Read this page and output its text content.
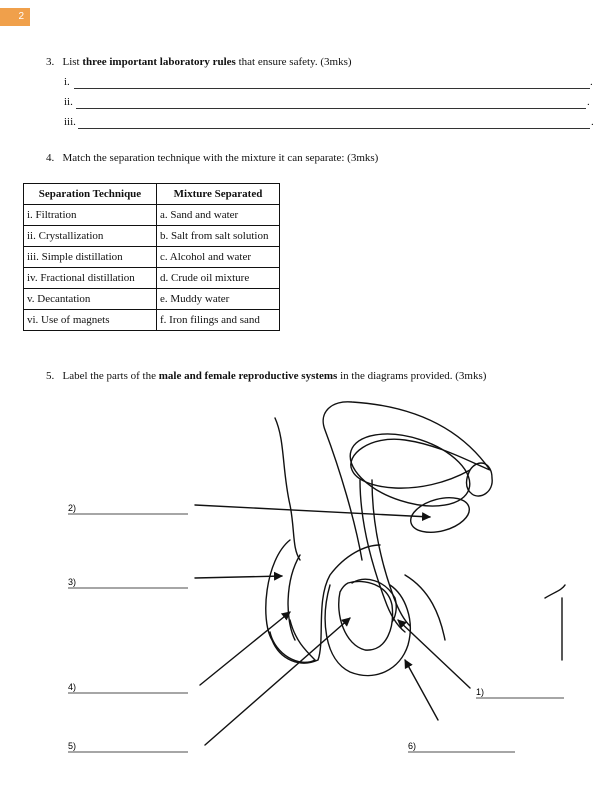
2
3. List three important laboratory rules that ensure safety. (3mks)
i.	.
ii.	.
iii.	.
4. Match the separation technique with the mixture it can separate: (3mks)
Separation Technique	Mixture Separated
i. Filtration	a. Sand and water
ii. Crystallization	b. Salt from salt solution
iii. Simple distillation	c. Alcohol and water
iv. Fractional distillation	d. Crude oil mixture
v. Decantation	e. Muddy water
vi. Use of magnets	f. Iron filings and sand
5. Label the parts of the male and female reproductive systems in the diagrams provided. (3mks)
2)
3)
4)
5)
1)
6)
